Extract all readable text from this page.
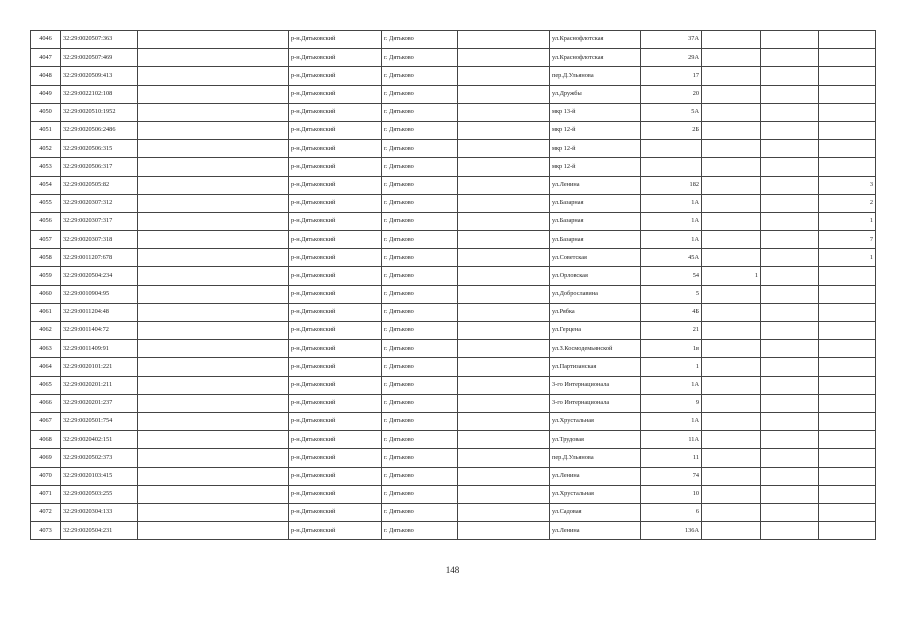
4046	32:29:0020507:363		р-н.Дятьковский	г. Дятьково		ул.Краснофлотская	37А			
4047	32:29:0020507:469		р-н.Дятьковский	г. Дятьково		ул.Краснофлотская	29А			
4048	32:29:0020509:413		р-н.Дятьковский	г. Дятьково		пер.Д.Ульянова	17			
4049	32:29:0022102:108		р-н.Дятьковский	г. Дятьково		ул.Дружбы	20			
4050	32:29:0020510:1952		р-н.Дятьковский	г. Дятьково		мкр 13-й	5А			
4051	32:29:0020506:2486		р-н.Дятьковский	г. Дятьково		мкр 12-й	2Б			
4052	32:29:0020506:315		р-н.Дятьковский	г. Дятьково		мкр 12-й				
4053	32:29:0020506:317		р-н.Дятьковский	г. Дятьково		мкр 12-й				
4054	32:29:0020505:82		р-н.Дятьковский	г. Дятьково		ул.Ленина	182			3
4055	32:29:0020307:312		р-н.Дятьковский	г. Дятьково		ул.Базарная	1А			2
4056	32:29:0020307:317		р-н.Дятьковский	г. Дятьково		ул.Базарная	1А			1
4057	32:29:0020307:318		р-н.Дятьковский	г. Дятьково		ул.Базарная	1А			7
4058	32:29:0011207:678		р-н.Дятьковский	г. Дятьково		ул.Советская	45А			1
4059	32:29:0020504:234		р-н.Дятьковский	г. Дятьково		ул.Орловская	54	1		
4060	32:29:0010904:95		р-н.Дятьковский	г. Дятьково		ул.Доброславина	5			
4061	32:29:0011204:48		р-н.Дятьковский	г. Дятьково		ул.Рябка	4Б			
4062	32:29:0011404:72		р-н.Дятьковский	г. Дятьково		ул.Герцена	21			
4063	32:29:0011409:91		р-н.Дятьковский	г. Дятьково		ул.З.Космодемьянской	1в			
4064	32:29:0020101:221		р-н.Дятьковский	г. Дятьково		ул.Партизанская	1			
4065	32:29:0020201:211		р-н.Дятьковский	г. Дятьково		3-го Интернационала	1А			
4066	32:29:0020201:237		р-н.Дятьковский	г. Дятьково		3-го Интернационала	9			
4067	32:29:0020501:754		р-н.Дятьковский	г. Дятьково		ул.Хрустальная	1А			
4068	32:29:0020402:151		р-н.Дятьковский	г. Дятьково		ул.Трудовая	11А			
4069	32:29:0020502:373		р-н.Дятьковский	г. Дятьково		пер.Д.Ульянова	11			
4070	32:29:0020103:415		р-н.Дятьковский	г. Дятьково		ул.Ленина	74			
4071	32:29:0020503:255		р-н.Дятьковский	г. Дятьково		ул.Хрустальная	10			
4072	32:29:0020304:133		р-н.Дятьковский	г. Дятьково		ул.Садовая	6			
4073	32:29:0020504:231		р-н.Дятьковский	г. Дятьково		ул.Ленина	136А			
148
